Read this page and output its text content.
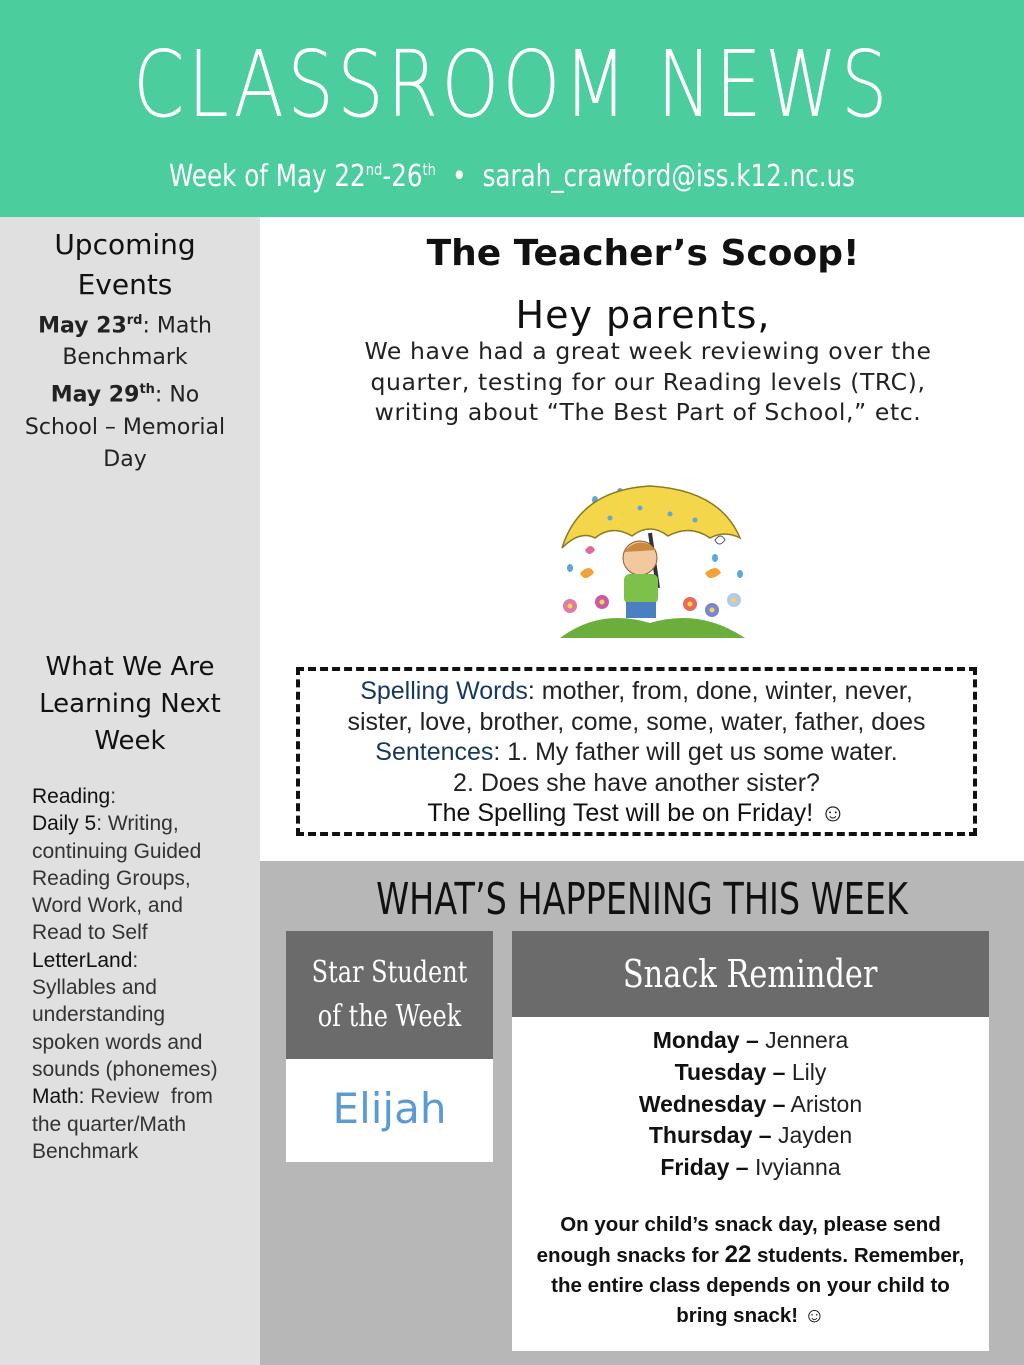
CLASSROOM NEWS
Week of May 22nd-26th • sarah_crawford@iss.k12.nc.us
Upcoming
Events
May 23rd: Math
Benchmark
May 29th: No
School – Memorial
Day
What We Are
Learning Next
Week
Reading:
Daily 5: Writing,
continuing Guided
Reading Groups,
Word Work, and
Read to Self
LetterLand:
Syllables and
understanding
spoken words and
sounds (phonemes)
Math: Review  from
the quarter/Math
Benchmark
The Teacher’s Scoop!
Hey parents,
We have had a great week reviewing over the
quarter, testing for our Reading levels (TRC),
writing about “The Best Part of School,” etc.
Spelling Words: mother, from, done, winter, never,
sister, love, brother, come, some, water, father, does
Sentences: 1. My father will get us some water.
2. Does she have another sister?
The Spelling Test will be on Friday! ☺
WHAT’S HAPPENING THIS WEEK
Star Student
of the Week
Elijah
Snack Reminder
Monday – Jennera
Tuesday – Lily
Wednesday – Ariston
Thursday – Jayden
Friday – Ivyianna
On your child’s snack day, please send
enough snacks for 22 students. Remember,
the entire class depends on your child to
bring snack! ☺
